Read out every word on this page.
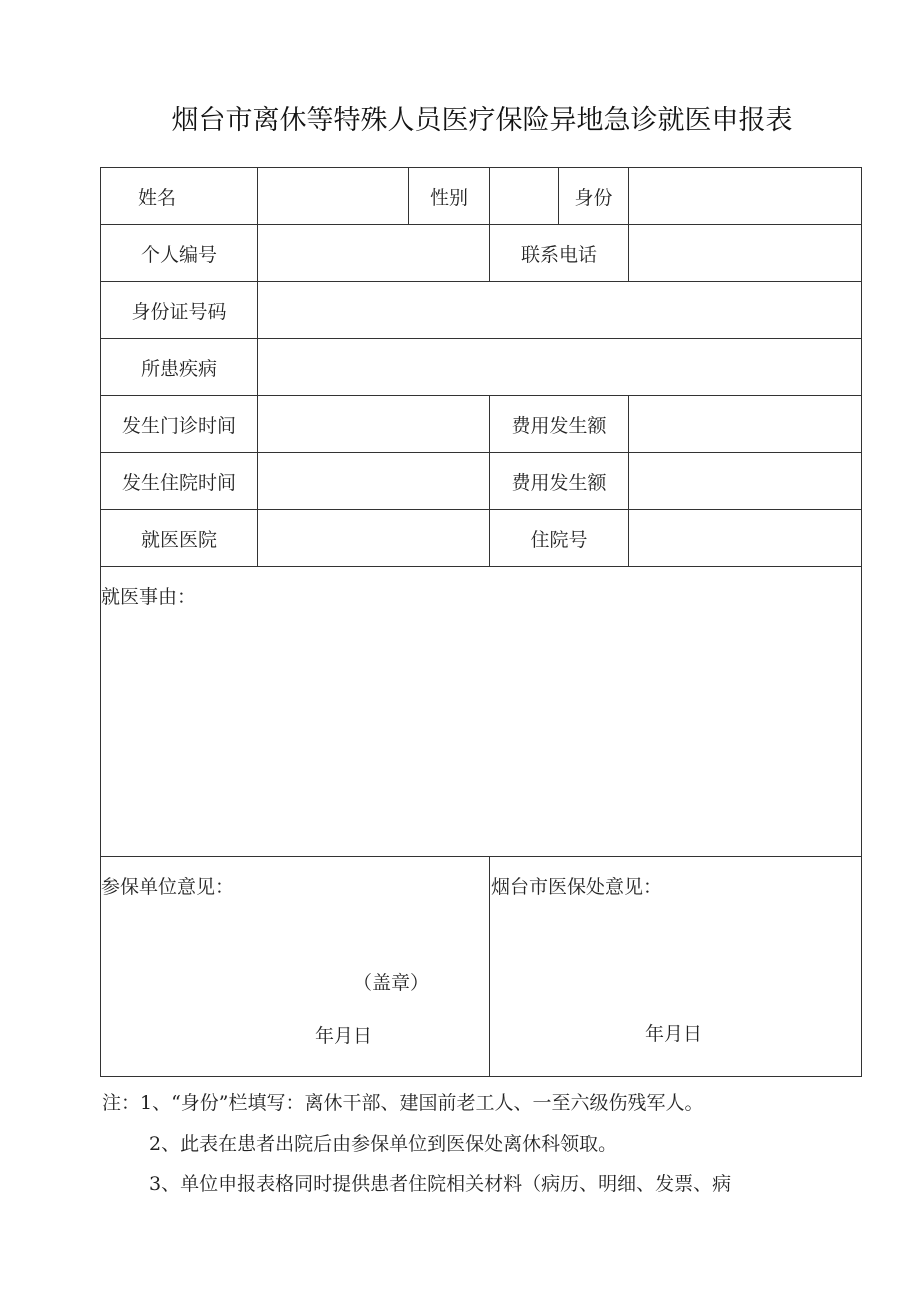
烟台市离休等特殊人员医疗保险异地急诊就医申报表
姓名	性别	身份
个人编号	联系电话
身份证号码
所患疾病
发生门诊时间	费用发生额
发生住院时间	费用发生额
就医医院	住院号
就医事由：
参保单位意见：
（盖章）
年月日
烟台市医保处意见：
年月日
注：1、“身份”栏填写：离休干部、建国前老工人、一至六级伤残军人。
2、此表在患者出院后由参保单位到医保处离休科领取。
3、单位申报表格同时提供患者住院相关材料（病历、明细、发票、病
